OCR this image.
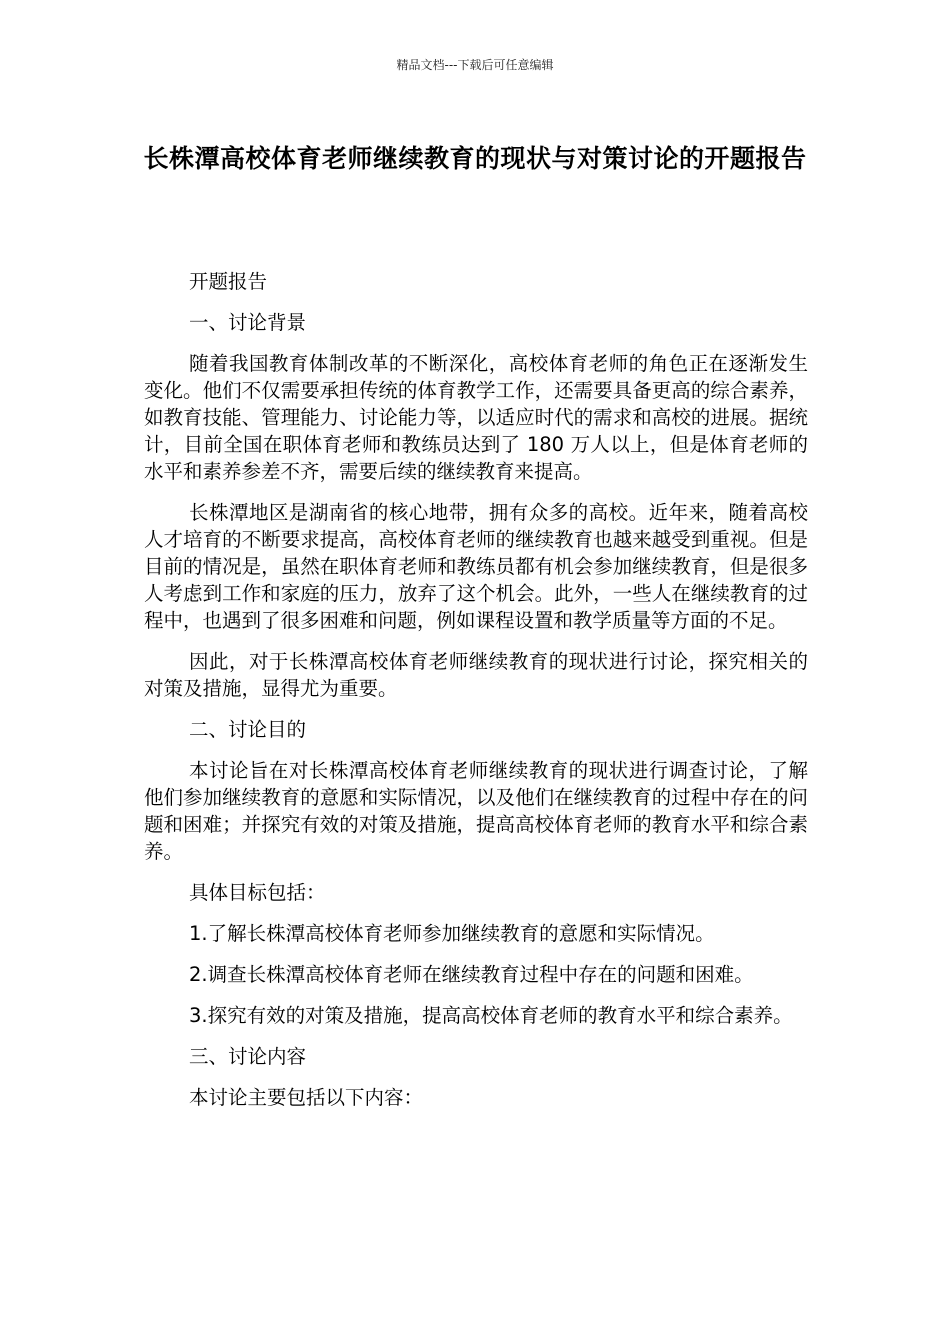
精品文档---下载后可任意编辑
长株潭高校体育老师继续教育的现状与对策讨论的开题报告

开题报告

一、讨论背景

随着我国教育体制改革的不断深化，高校体育老师的角色正在逐渐发生变化。他们不仅需要承担传统的体育教学工作，还需要具备更高的综合素养，如教育技能、管理能力、讨论能力等，以适应时代的需求和高校的进展。据统计，目前全国在职体育老师和教练员达到了 180 万人以上，但是体育老师的水平和素养参差不齐，需要后续的继续教育来提高。

长株潭地区是湖南省的核心地带，拥有众多的高校。近年来，随着高校人才培育的不断要求提高，高校体育老师的继续教育也越来越受到重视。但是目前的情况是，虽然在职体育老师和教练员都有机会参加继续教育，但是很多人考虑到工作和家庭的压力，放弃了这个机会。此外，一些人在继续教育的过程中，也遇到了很多困难和问题，例如课程设置和教学质量等方面的不足。

因此，对于长株潭高校体育老师继续教育的现状进行讨论，探究相关的对策及措施，显得尤为重要。

二、讨论目的

本讨论旨在对长株潭高校体育老师继续教育的现状进行调查讨论，了解他们参加继续教育的意愿和实际情况，以及他们在继续教育的过程中存在的问题和困难；并探究有效的对策及措施，提高高校体育老师的教育水平和综合素养。

具体目标包括：

1.了解长株潭高校体育老师参加继续教育的意愿和实际情况。

2.调查长株潭高校体育老师在继续教育过程中存在的问题和困难。

3.探究有效的对策及措施，提高高校体育老师的教育水平和综合素养。

三、讨论内容

本讨论主要包括以下内容：
